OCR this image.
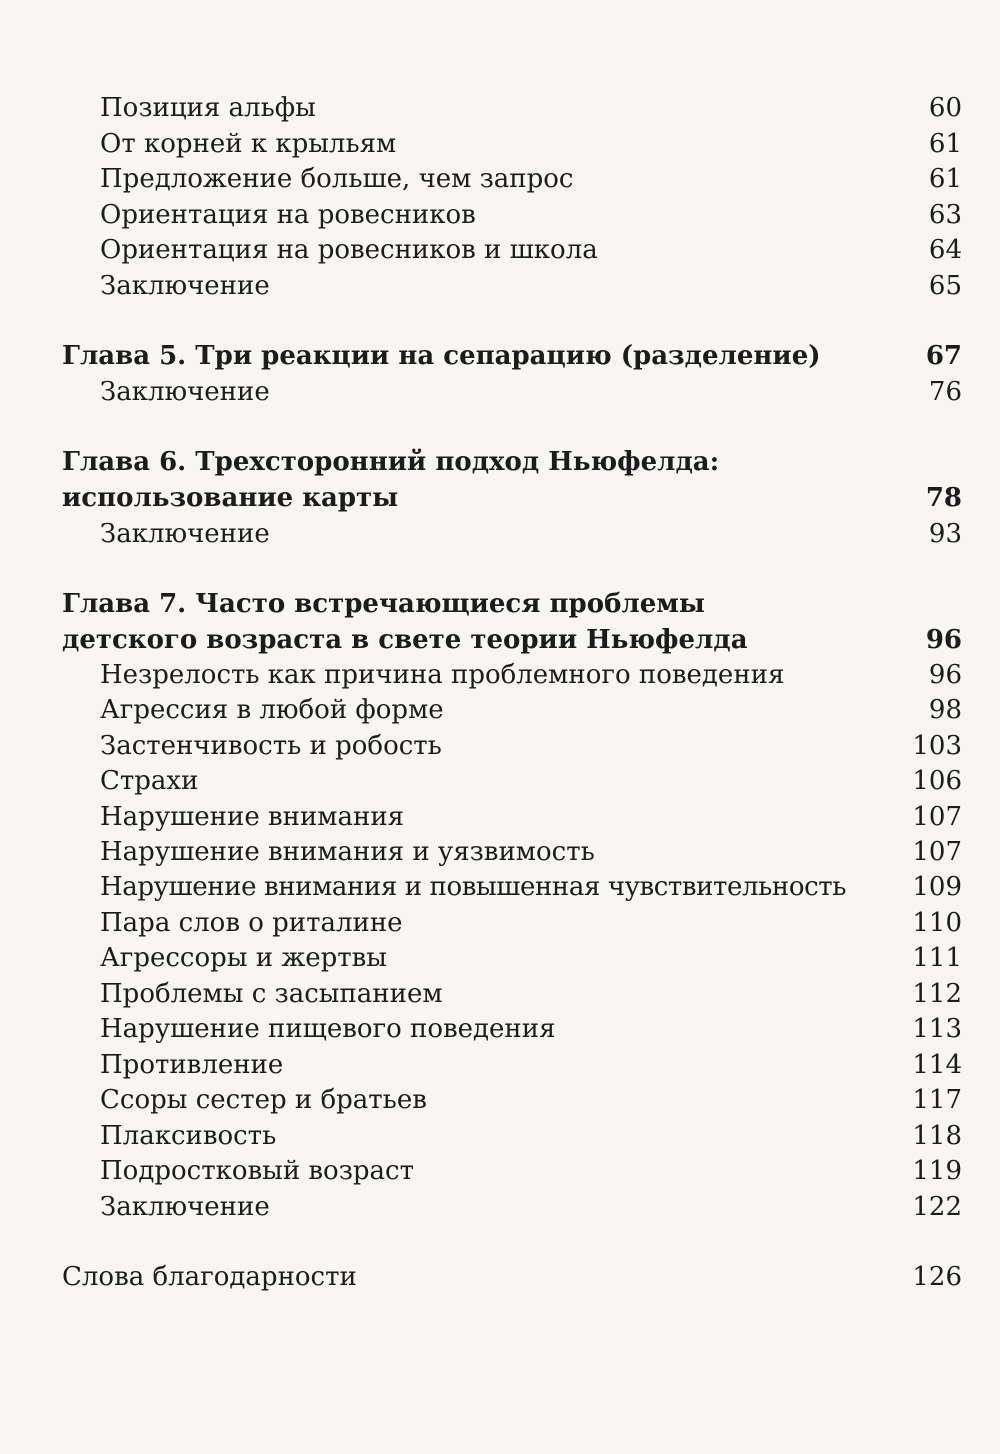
Позиция альфы	60
От корней к крыльям	61
Предложение больше, чем запрос	61
Ориентация на ровесников	63
Ориентация на ровесников и школа	64
Заключение	65
Глава 5. Три реакции на сепарацию (разделение)	67
Заключение	76
Глава 6. Трехсторонний подход Ньюфелда:
использование карты	78
Заключение	93
Глава 7. Часто встречающиеся проблемы
детского возраста в свете теории Ньюфелда	96
Незрелость как причина проблемного поведения	96
Агрессия в любой форме	98
Застенчивость и робость	103
Страхи	106
Нарушение внимания	107
Нарушение внимания и уязвимость	107
Нарушение внимания и повышенная чувствительность	109
Пара слов о риталине	110
Агрессоры и жертвы	111
Проблемы с засыпанием	112
Нарушение пищевого поведения	113
Противление	114
Ссоры сестер и братьев	117
Плаксивость	118
Подростковый возраст	119
Заключение	122
Слова благодарности	126
